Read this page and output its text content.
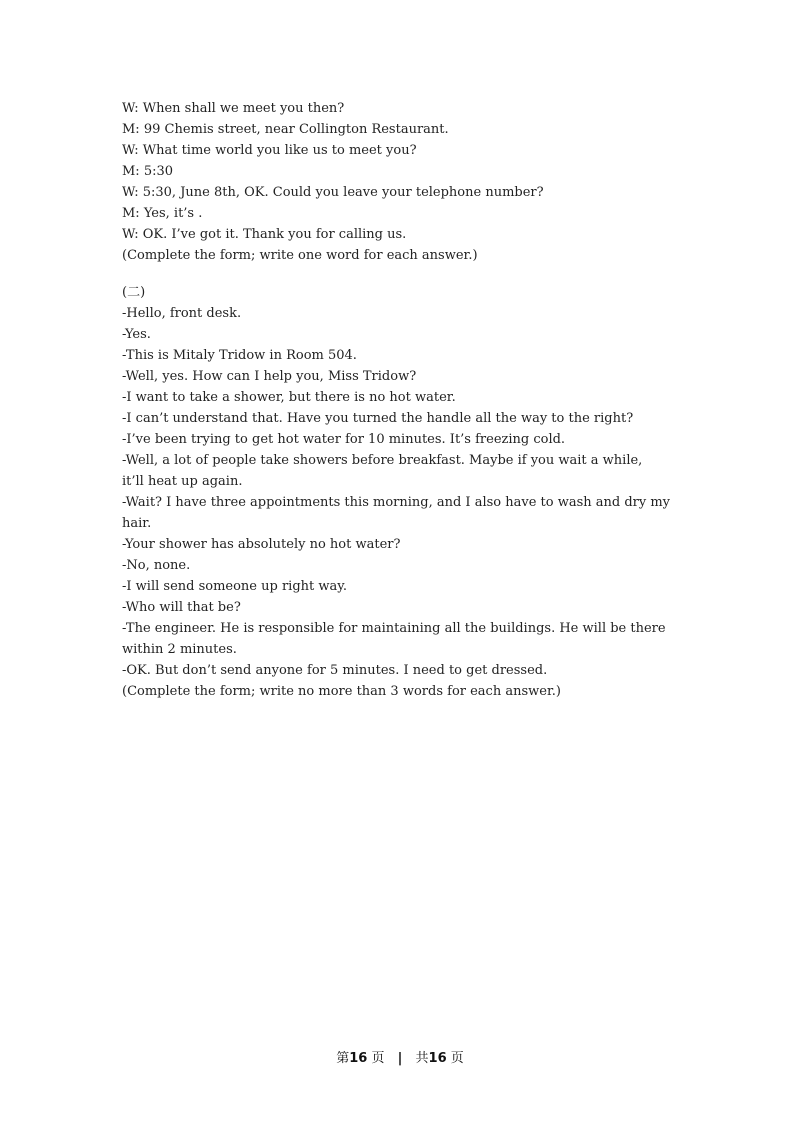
W: When shall we meet you then?
M: 99 Chemis street, near Collington Restaurant.
W: What time world you like us to meet you?
M: 5:30
W: 5:30, June 8th, OK. Could you leave your telephone number?
M: Yes, it’s .
W: OK. I’ve got it. Thank you for calling us.
(Complete the form; write one word for each answer.)
(二)
-Hello, front desk.
-Yes.
-This is Mitaly Tridow in Room 504.
-Well, yes. How can I help you, Miss Tridow?
-I want to take a shower, but there is no hot water.
-I can’t understand that. Have you turned the handle all the way to the right?
-I’ve been trying to get hot water for 10 minutes. It’s freezing cold.
-Well, a lot of people take showers before breakfast. Maybe if you wait a while,
it’ll heat up again.
-Wait? I have three appointments this morning, and I also have to wash and dry my
hair.
-Your shower has absolutely no hot water?
-No, none.
-I will send someone up right way.
-Who will that be?
-The engineer. He is responsible for maintaining all the buildings. He will be there
within 2 minutes.
-OK. But don’t send anyone for 5 minutes. I need to get dressed.
(Complete the form; write no more than 3 words for each answer.)
第16 页 | 共16 页
